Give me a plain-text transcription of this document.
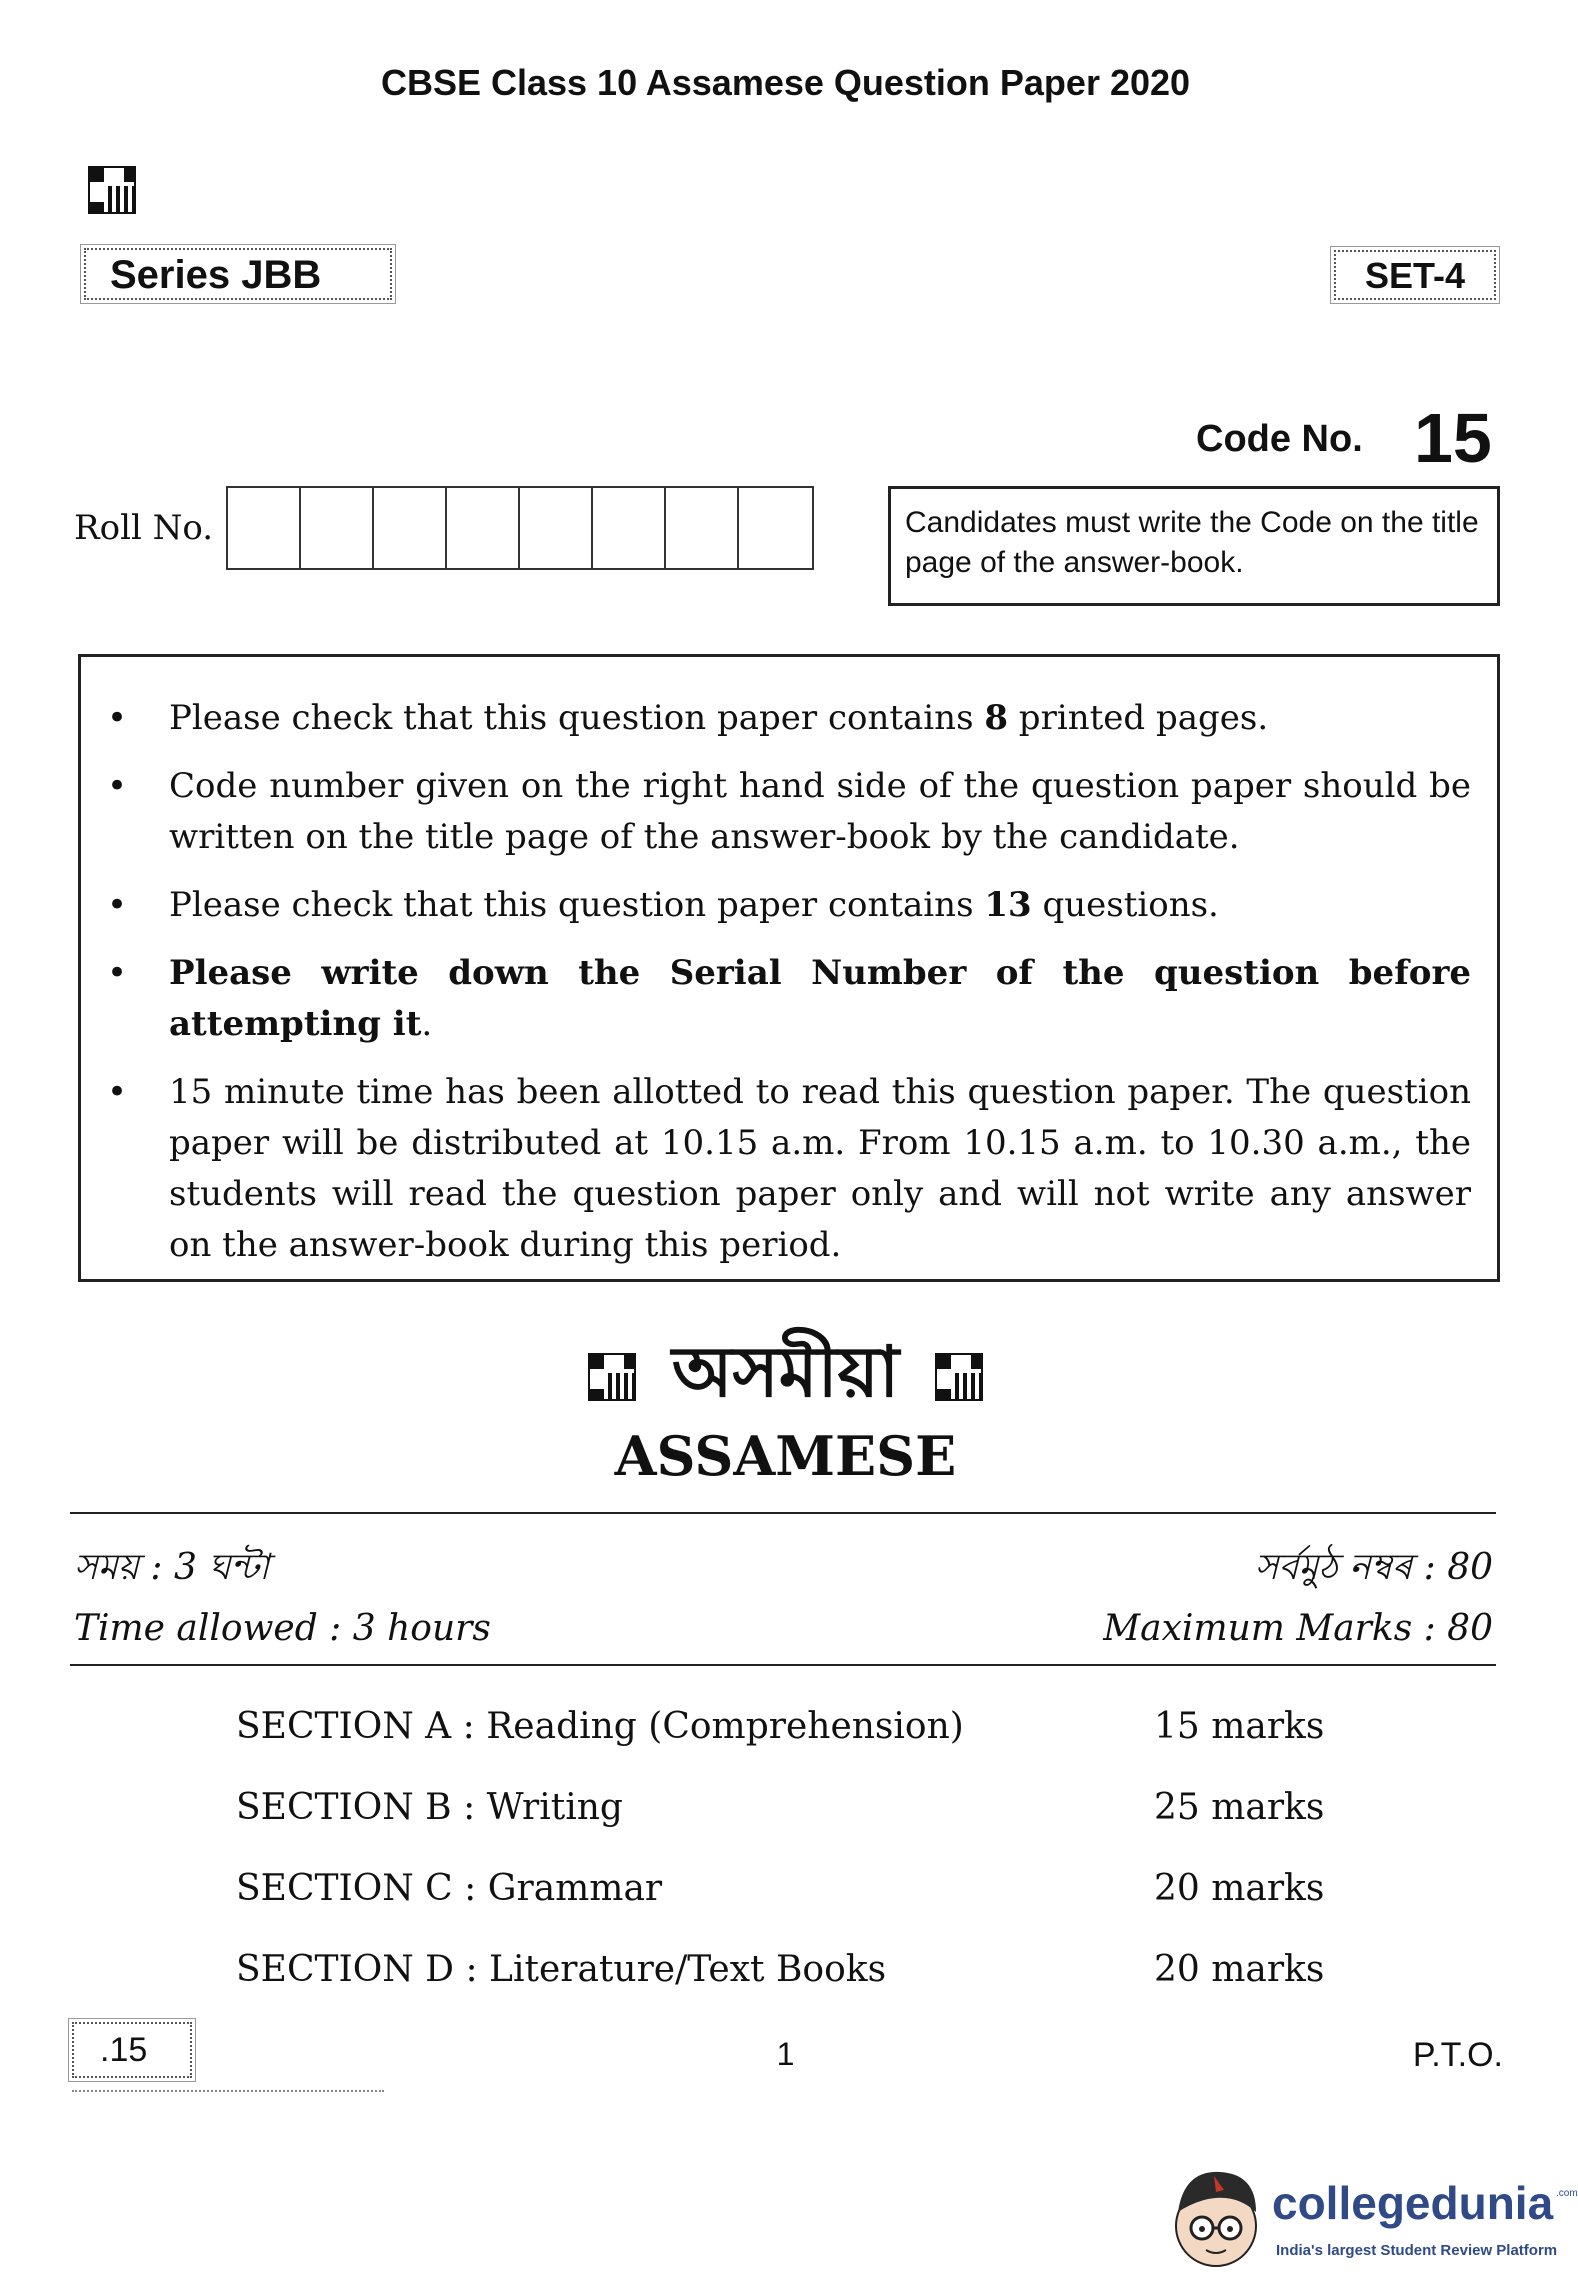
CBSE Class 10 Assamese Question Paper 2020
Series JBB	SET-4
Code No. 15
Roll No.	Candidates must write the Code on the title page of the answer-book.
•	Please check that this question paper contains 8 printed pages.
•	Code number given on the right hand side of the question paper should be written on the title page of the answer-book by the candidate.
•	Please check that this question paper contains 13 questions.
•	Please write down the Serial Number of the question before attempting it.
•	15 minute time has been allotted to read this question paper. The question paper will be distributed at 10.15 a.m. From 10.15 a.m. to 10.30 a.m., the students will read the question paper only and will not write any answer on the answer-book during this period.
অসমীয়া
ASSAMESE
সময় : 3 ঘন্টা	সৰ্বমুঠ নম্বৰ : 80
Time allowed : 3 hours	Maximum Marks : 80
SECTION A : Reading (Comprehension)	15 marks
SECTION B : Writing	25 marks
SECTION C : Grammar	20 marks
SECTION D : Literature/Text Books	20 marks
.15	1	P.T.O.
collegedunia .com
India's largest Student Review Platform
